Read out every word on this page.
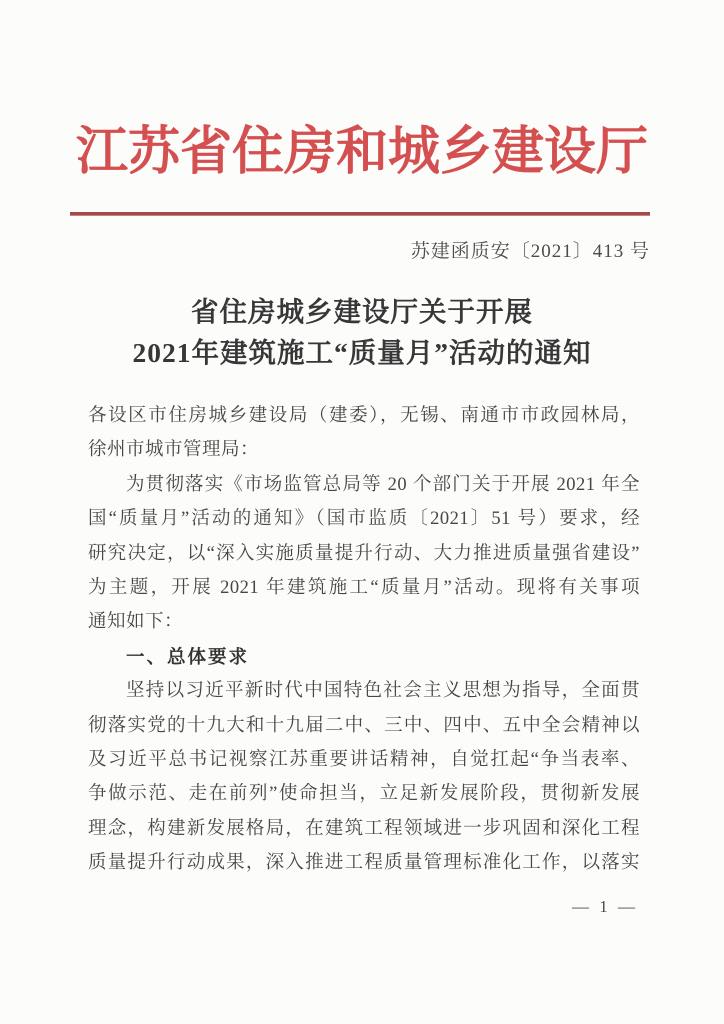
江苏省住房和城乡建设厅
苏建函质安〔2021〕413 号
省住房城乡建设厅关于开展
2021年建筑施工“质量月”活动的通知
各设区市住房城乡建设局（建委），无锡、南通市市政园林局，
徐州市城市管理局：
为贯彻落实《市场监管总局等 20 个部门关于开展 2021 年全
国“质量月”活动的通知》（国市监质〔2021〕51 号）要求，经
研究决定，以“深入实施质量提升行动、大力推进质量强省建设”
为主题，开展 2021 年建筑施工“质量月”活动。现将有关事项
通知如下：
一、总体要求
坚持以习近平新时代中国特色社会主义思想为指导，全面贯
彻落实党的十九大和十九届二中、三中、四中、五中全会精神以
及习近平总书记视察江苏重要讲话精神，自觉扛起“争当表率、
争做示范、走在前列”使命担当，立足新发展阶段，贯彻新发展
理念，构建新发展格局，在建筑工程领域进一步巩固和深化工程
质量提升行动成果，深入推进工程质量管理标准化工作，以落实
— 1 —
